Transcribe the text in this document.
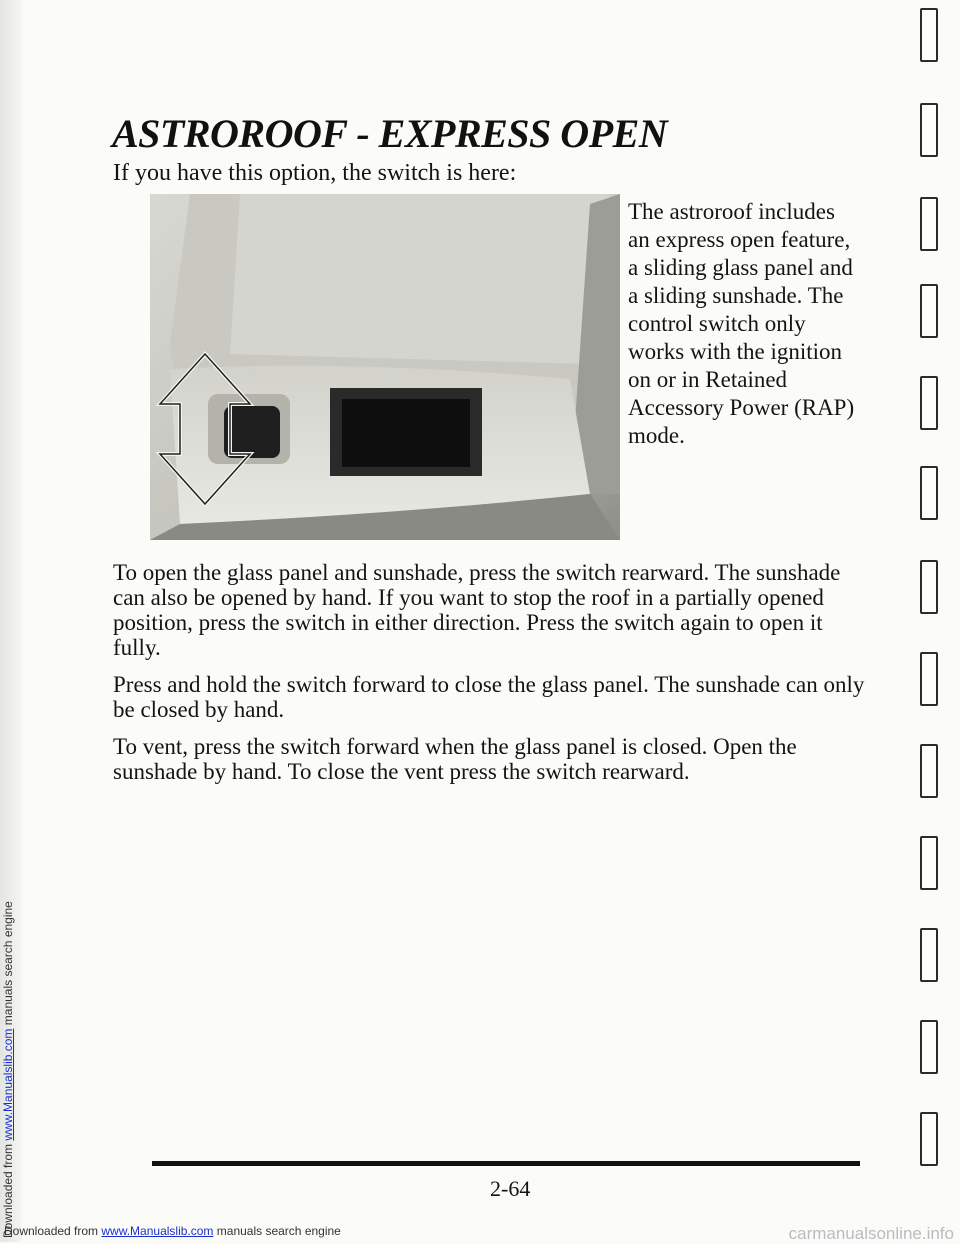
Downloaded from www.Manualslib.com manuals search engine
ASTROROOF - EXPRESS OPEN
If you have this option, the switch is here:
The astroroof includes an express open feature, a sliding glass panel and a sliding sunshade. The control switch only works with the ignition on or in Retained Accessory Power (RAP) mode.

To open the glass panel and sunshade, press the switch rearward. The sunshade can also be opened by hand. If you want to stop the roof in a partially opened position, press the switch in either direction. Press the switch again to open it fully.

Press and hold the switch forward to close the glass panel. The sunshade can only be closed by hand.

To vent, press the switch forward when the glass panel is closed. Open the sunshade by hand. To close the vent press the switch rearward.

2-64
Downloaded from www.Manualslib.com manuals search engine	carmanualsonline.info
